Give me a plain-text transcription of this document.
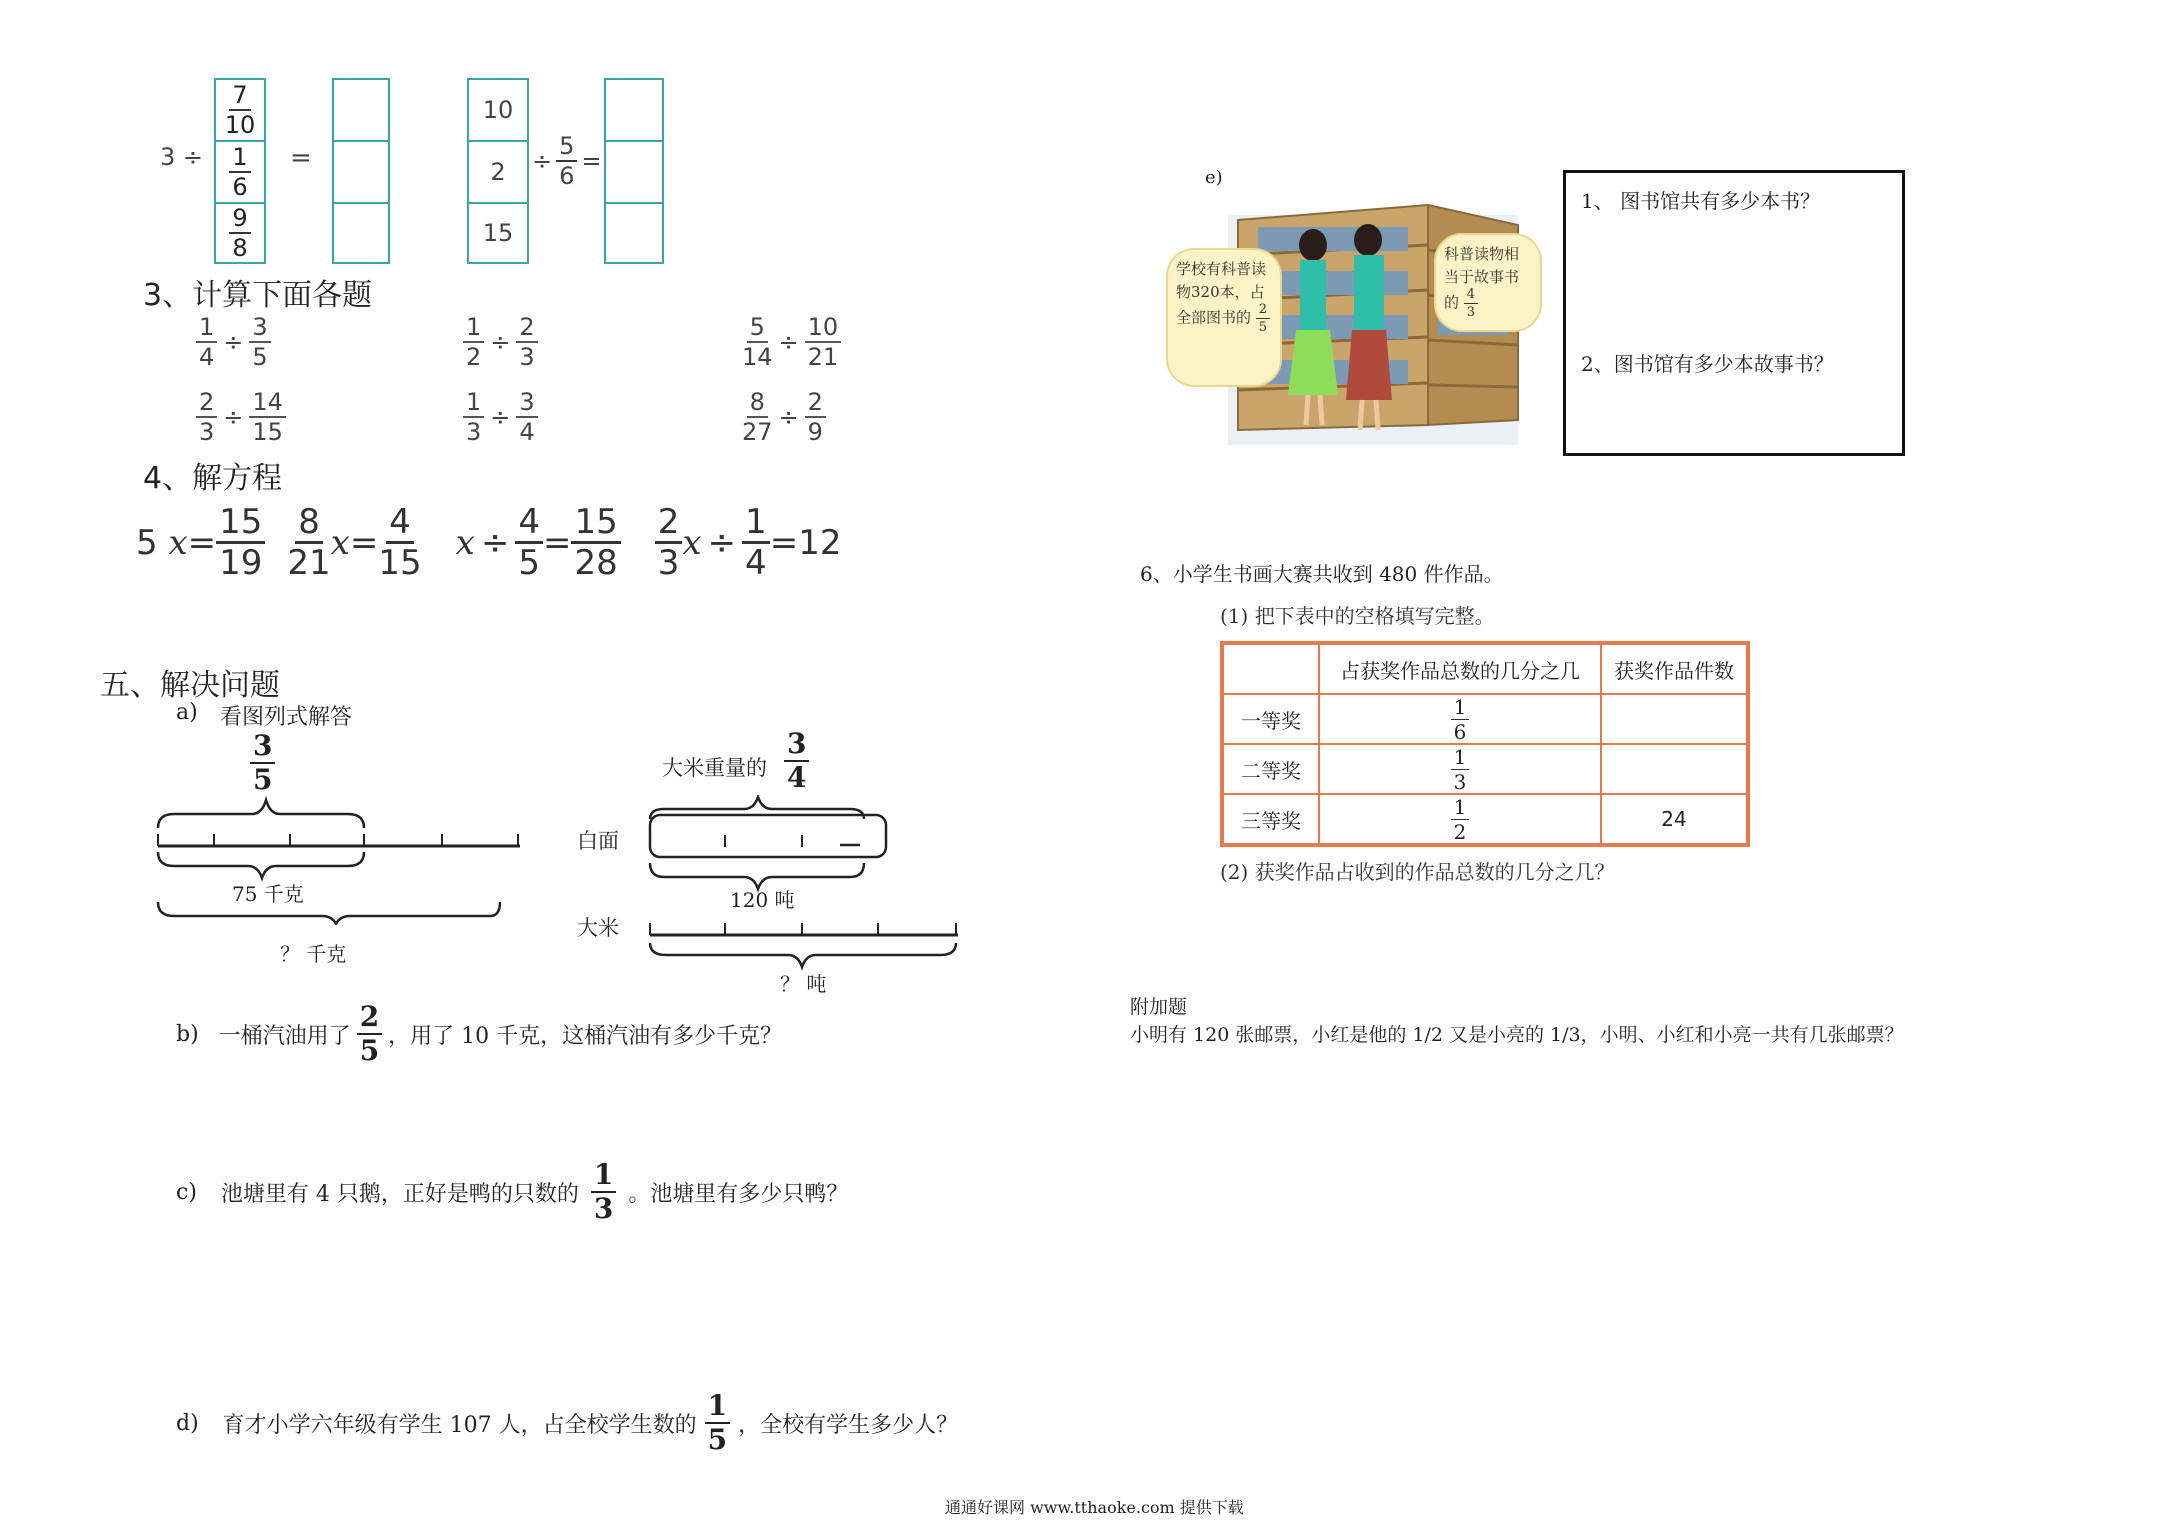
3 ÷
7
10
1
6
9
8
=
10
2
15
÷ $\frac{5}{6}$ =
3、计算下面各题
$\frac{1}{4} \div \frac{3}{5}$	$\frac{1}{2} \div \frac{2}{3}$	$\frac{5}{14} \div \frac{10}{21}$
$\frac{2}{3} \div \frac{14}{15}$	$\frac{1}{3} \div \frac{3}{4}$	$\frac{8}{27} \div \frac{2}{9}$
4、解方程
5
$x = \frac{15}{19} 8$
21
$x = \frac{4}{15}$ $x \div \frac{4}{5} = \frac{15}{28} 2$
3
$x \div \frac{1}{4} = 12$
五、解决问题
a) 看图列式解答
$\frac{3}{5}$
75 千克
？ 千克
大米重量的 $\frac{3}{4}$
白面
大米
120 吨
？ 吨
b) 一桶汽油用了
2
5 ，用了 10 千克，这桶汽油有多少千克？
c) 池塘里有 4 只鹅，正好是鸭的只数的
1
3 。池塘里有多少只鸭？
d) 育才小学六年级有学生 107 人，占全校学生数的
1
5 ，全校有学生多少人？
e)
学校有科普读物320本，占全部图书的 $\frac{2}{5}$
科普读物相当于故事书的 $\frac{4}{3}$
1、 图书馆共有多少本书？
2、图书馆有多少本故事书？
6、小学生书画大赛共收到 480 件作品。
(1) 把下表中的空格填写完整。
	占获奖作品总数的几分之几	获奖作品件数
一等奖	$\frac{1}{6}$

二等奖	$\frac{1}{3}$

三等奖	$\frac{1}{2}$	24
(2) 获奖作品占收到的作品总数的几分之几？
附加题
小明有 120 张邮票，小红是他的 1/2 又是小亮的 1/3，小明、小红和小亮一共有几张邮票？
通通好课网 www.tthaoke.com 提供下载
